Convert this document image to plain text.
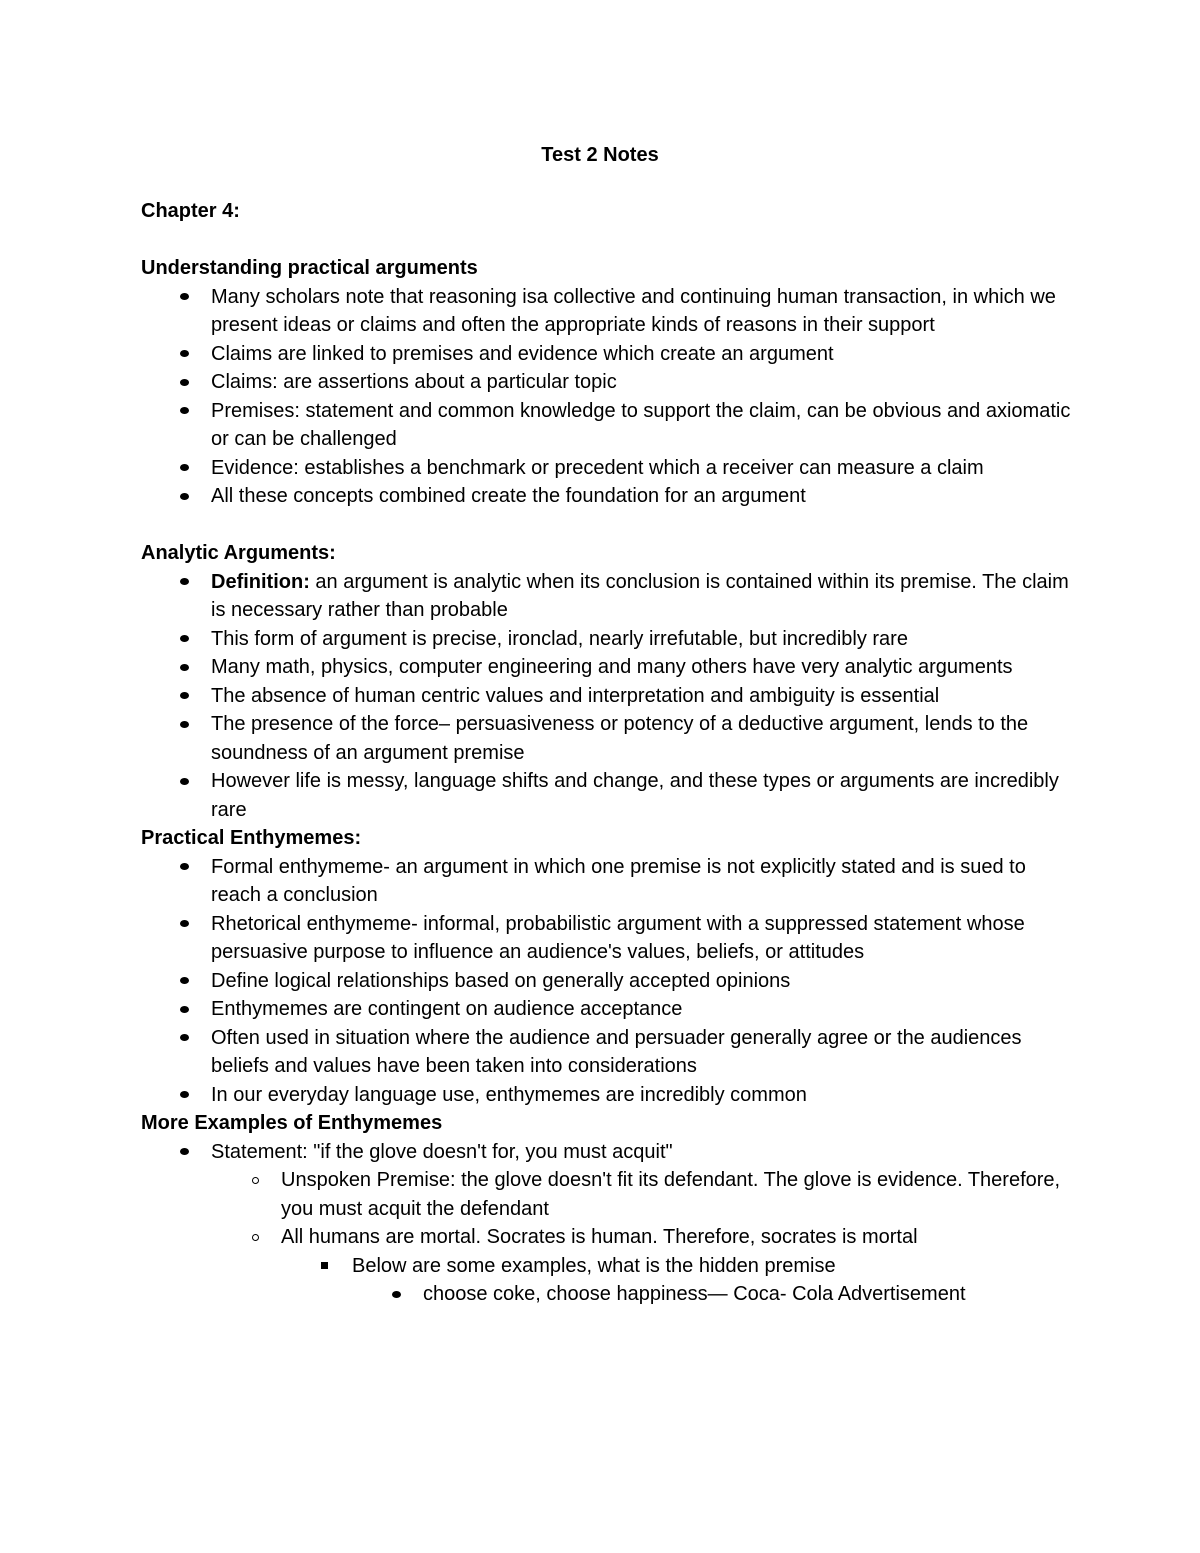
Test 2 Notes

Chapter 4:

Understanding practical arguments

Many scholars note that reasoning isa collective and continuing human transaction, in which we present ideas or claims and often the appropriate kinds of reasons in their support
Claims are linked to premises and evidence which create an argument
Claims: are assertions about a particular topic
Premises: statement and common knowledge to support the claim, can be obvious and axiomatic or can be challenged
Evidence: establishes a benchmark or precedent which a receiver can measure a claim
All these concepts combined create the foundation for an argument

Analytic Arguments:

Definition: an argument is analytic when its conclusion is contained within its premise. The claim is necessary rather than probable
This form of argument is precise, ironclad, nearly irrefutable, but incredibly rare
Many math, physics, computer engineering and many others have very analytic arguments
The absence of human centric values and interpretation and ambiguity is essential
The presence of the force– persuasiveness or potency of a deductive argument, lends to the soundness of an argument premise
However life is messy, language shifts and change, and these types or arguments are incredibly rare

Practical Enthymemes:

Formal enthymeme- an argument in which one premise is not explicitly stated and is sued to reach a conclusion
Rhetorical enthymeme- informal, probabilistic argument with a suppressed statement whose persuasive purpose to influence an audience's values, beliefs, or attitudes
Define logical relationships based on generally accepted opinions
Enthymemes are contingent on audience acceptance
Often used in situation where the audience and persuader generally agree or the audiences beliefs and values have been taken into considerations
In our everyday language use, enthymemes are incredibly common

More Examples of Enthymemes

Statement: "if the glove doesn't for, you must acquit"
Unspoken Premise: the glove doesn't fit its defendant. The glove is evidence. Therefore, you must acquit the defendant
All humans are mortal. Socrates is human. Therefore, socrates is mortal
Below are some examples, what is the hidden premise
choose coke, choose happiness— Coca- Cola Advertisement
